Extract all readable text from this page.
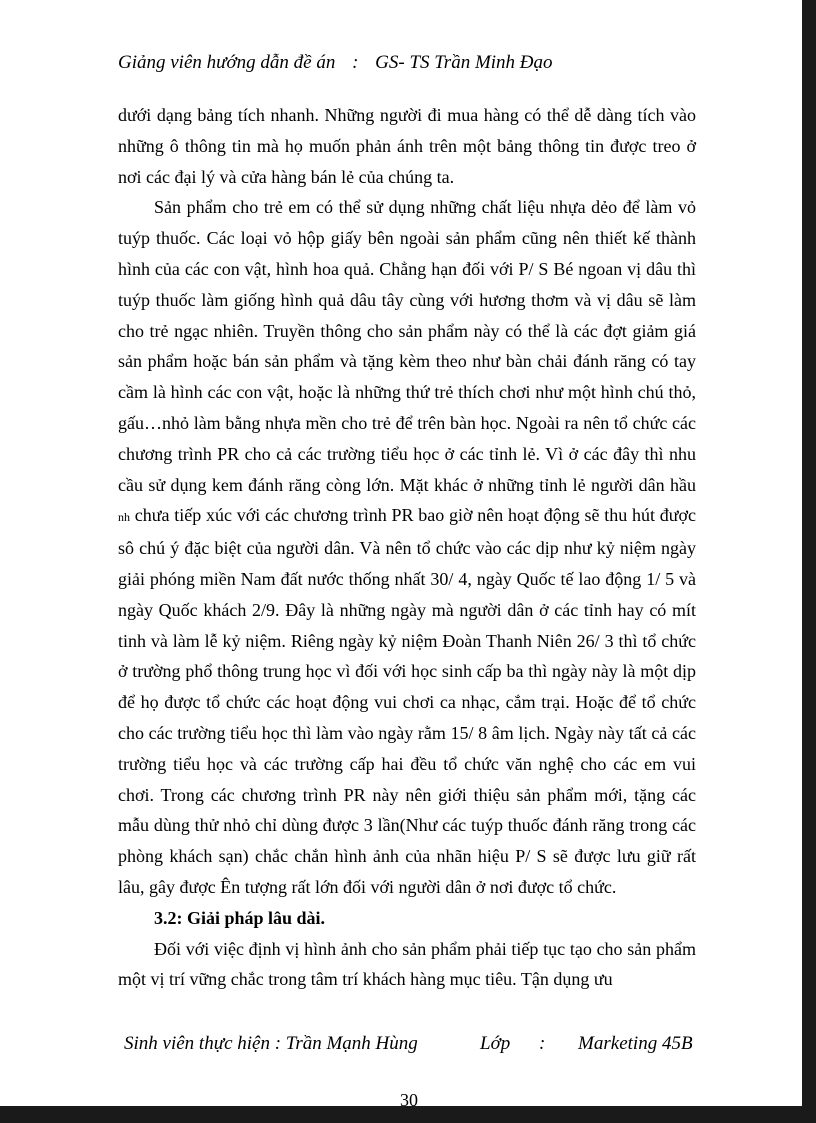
Giảng viên hướng dẫn đề án : GS- TS Trần Minh Đạo

dưới dạng bảng tích nhanh. Những người đi mua hàng có thể dễ dàng tích vào những ô thông tin mà họ muốn phản ánh trên một bảng thông tin được treo ở nơi các đại lý và cửa hàng bán lẻ của chúng ta.

Sản phẩm cho trẻ em có thể sử dụng những chất liệu nhựa dẻo để làm vỏ tuýp thuốc. Các loại vỏ hộp giấy bên ngoài sản phẩm cũng nên thiết kế thành hình của các con vật, hình hoa quả. Chẳng hạn đối với P/ S Bé ngoan vị dâu thì tuýp thuốc làm giống hình quả dâu tây cùng với hương thơm và vị dâu sẽ làm cho trẻ ngạc nhiên. Truyền thông cho sản phẩm này có thể là các đợt giảm giá sản phẩm hoặc bán sản phẩm và tặng kèm theo như bàn chải đánh răng có tay cầm là hình các con vật, hoặc là những thứ trẻ thích chơi như một hình chú thỏ, gấu…nhỏ làm bằng nhựa mền cho trẻ để trên bàn học. Ngoài ra nên tổ chức các chương trình PR cho cả các trường tiểu học ở các tỉnh lẻ. Vì ở các đây thì nhu cầu sử dụng kem đánh răng còng lớn. Mặt khác ở những tỉnh lẻ người dân hầu nh chưa tiếp xúc với các chương trình PR bao giờ nên hoạt động sẽ thu hút được sô chú ý đặc biệt của người dân. Và nên tổ chức vào các dịp như kỷ niệm ngày giải phóng miền Nam đất nước thống nhất 30/ 4, ngày Quốc tế lao động 1/ 5 và ngày Quốc khách 2/9. Đây là những ngày mà người dân ở các tỉnh hay có mít tinh và làm lễ kỷ niệm. Riêng ngày kỷ niệm Đoàn Thanh Niên 26/ 3 thì tổ chức ở trường phổ thông trung học vì đối với học sinh cấp ba thì ngày này là một dịp để họ được tổ chức các hoạt động vui chơi ca nhạc, cắm trại. Hoặc để tổ chức cho các trường tiểu học thì làm vào ngày rằm 15/ 8 âm lịch. Ngày này tất cả các trường tiểu học và các trường cấp hai đều tổ chức văn nghệ cho các em vui chơi. Trong các chương trình PR này nên giới thiệu sản phẩm mới, tặng các mẫu dùng thử nhỏ chỉ dùng được 3 lần(Như các tuýp thuốc đánh răng trong các phòng khách sạn) chắc chắn hình ảnh của nhãn hiệu P/ S sẽ được lưu giữ rất lâu, gây được Ên tượng rất lớn đối với người dân ở nơi được tổ chức.

3.2: Giải pháp lâu dài.

Đối với việc định vị hình ảnh cho sản phẩm phải tiếp tục tạo cho sản phẩm một vị trí vững chắc trong tâm trí khách hàng mục tiêu. Tận dụng ưu

Sinh viên thực hiện : Trần Mạnh Hùng	Lớp : Marketing 45B
30
